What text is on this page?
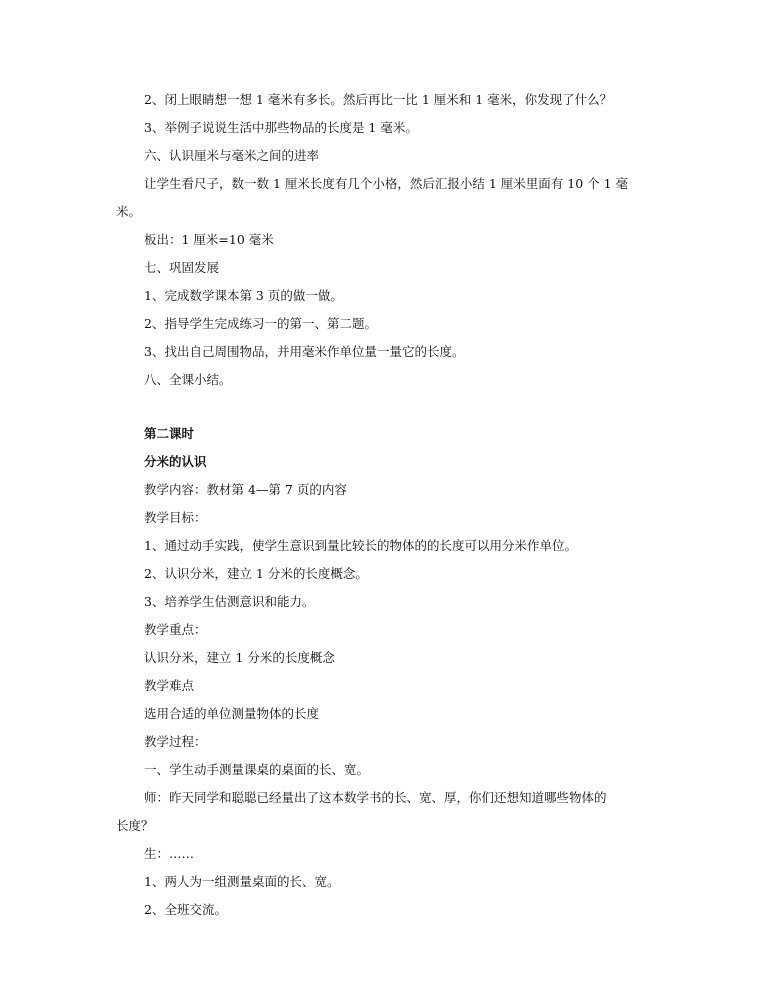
2、闭上眼睛想一想 1 毫米有多长。然后再比一比 1 厘米和 1 毫米，你发现了什么？
3、举例子说说生活中那些物品的长度是 1 毫米。
六、认识厘米与毫米之间的进率
让学生看尺子，数一数 1 厘米长度有几个小格，然后汇报小结 1 厘米里面有 10 个 1 毫
米。
板出：1 厘米=10 毫米
七、巩固发展
1、完成数学课本第 3 页的做一做。
2、指导学生完成练习一的第一、第二题。
3、找出自己周围物品，并用毫米作单位量一量它的长度。
八、全课小结。
第二课时
分米的认识
教学内容：教材第 4—第 7 页的内容
教学目标：
1、通过动手实践，使学生意识到量比较长的物体的的长度可以用分米作单位。
2、认识分米，建立 1 分米的长度概念。
3、培养学生估测意识和能力。
教学重点：
认识分米，建立 1 分米的长度概念
教学难点
选用合适的单位测量物体的长度
教学过程：
一、学生动手测量课桌的桌面的长、宽。
师：昨天同学和聪聪已经量出了这本数学书的长、宽、厚，你们还想知道哪些物体的
长度？
生：……
1、两人为一组测量桌面的长、宽。
2、全班交流。
